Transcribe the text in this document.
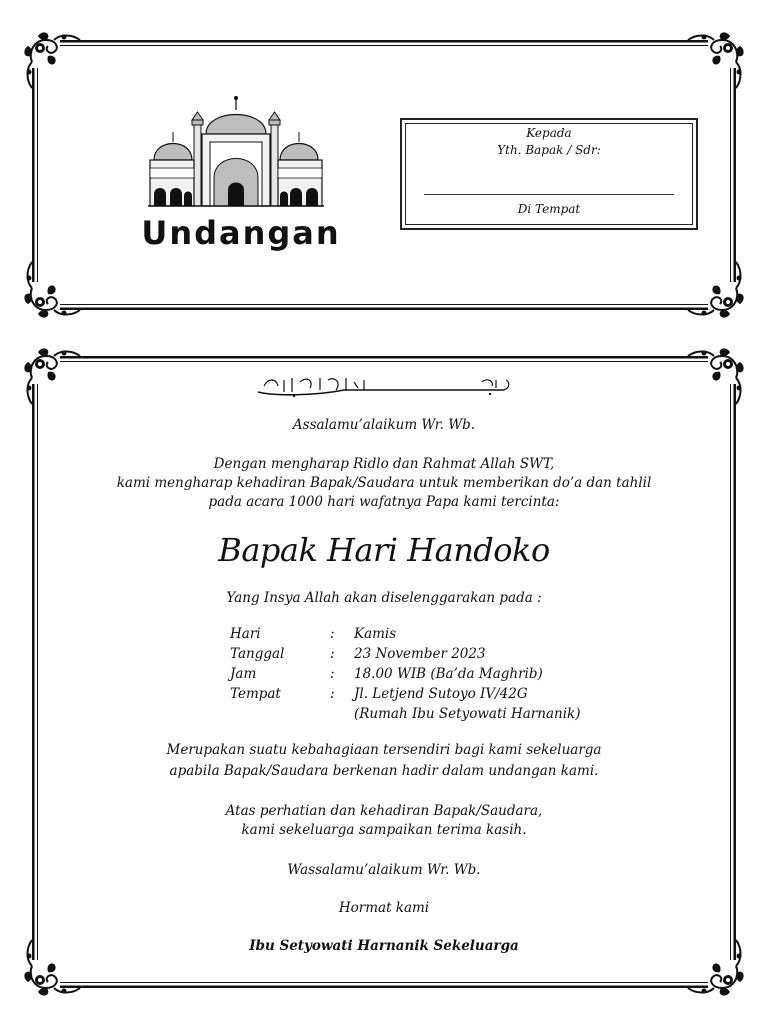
Undangan
Kepada
Yth. Bapak / Sdr:
Di Tempat
Assalamu’alaikum Wr. Wb.
Dengan mengharap Ridlo dan Rahmat Allah SWT,
kami mengharap kehadiran Bapak/Saudara untuk memberikan do’a dan tahlil
pada acara 1000 hari wafatnya Papa kami tercinta:
Bapak Hari Handoko
Yang Insya Allah akan diselenggarakan pada :
Hari	: Kamis
Tanggal	: 23 November 2023
Jam	: 18.00 WIB (Ba’da Maghrib)
Tempat	: Jl. Letjend Sutoyo IV/42G
(Rumah Ibu Setyowati Harnanik)
Merupakan suatu kebahagiaan tersendiri bagi kami sekeluarga
apabila Bapak/Saudara berkenan hadir dalam undangan kami.
Atas perhatian dan kehadiran Bapak/Saudara,
kami sekeluarga sampaikan terima kasih.
Wassalamu’alaikum Wr. Wb.
Hormat kami
Ibu Setyowati Harnanik Sekeluarga
